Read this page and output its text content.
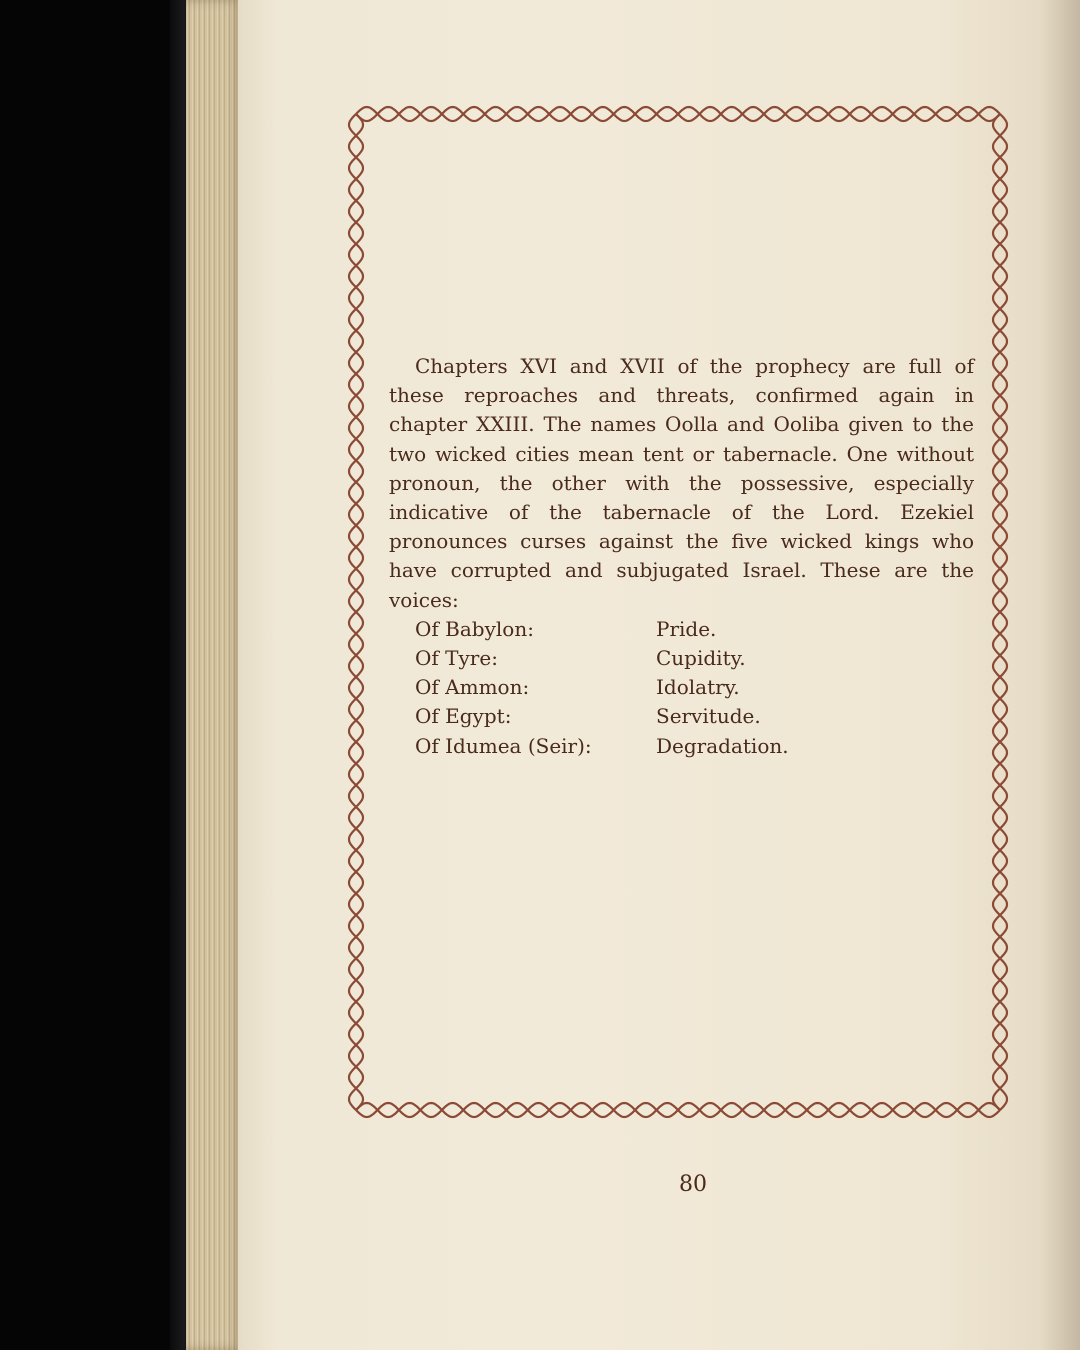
Chapters XVI and XVII of the prophecy are full of these reproaches and threats, confirmed again in chapter XXIII. The names Oolla and Ooliba given to the two wicked cities mean tent or tabernacle. One without pronoun, the other with the possessive, especially indicative of the tabernacle of the Lord. Ezekiel pronounces curses against the five wicked kings who have corrupted and subjugated Israel. These are the voices:

Of Babylon:	Pride.
Of Tyre:	Cupidity.
Of Ammon:	Idolatry.
Of Egypt:	Servitude.
Of Idumea (Seir):	Degradation.
80
